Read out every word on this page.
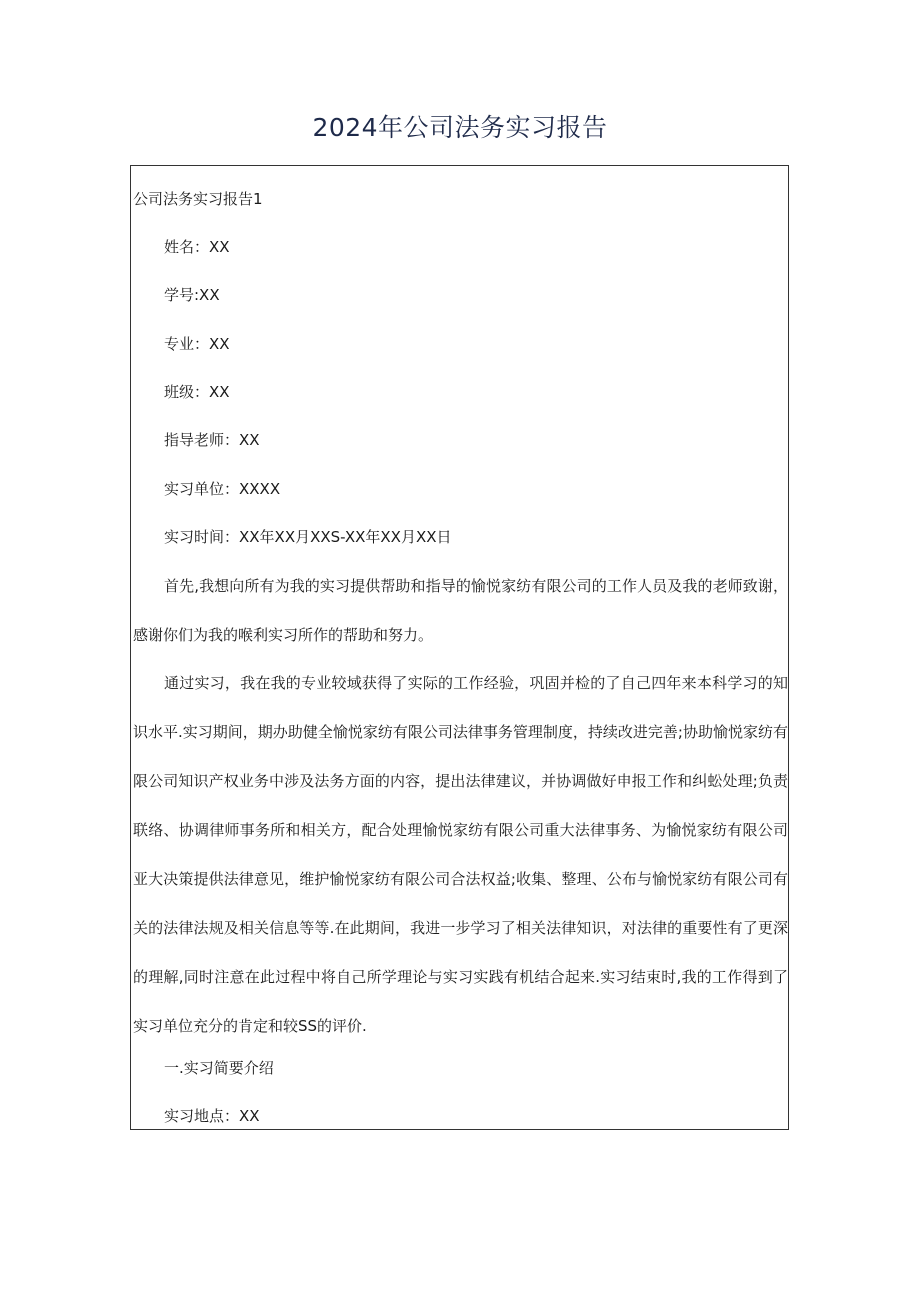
2024年公司法务实习报告
公司法务实习报告1
姓名：XX
学号:XX
专业：XX
班级：XX
指导老师：XX
实习单位：XXXX
实习时间：XX年XX月XXS-XX年XX月XX日
首先,我想向所有为我的实习提供帮助和指导的愉悦家纺有限公司的工作人员及我的老师致谢，感谢你们为我的喉利实习所作的帮助和努力。
通过实习，我在我的专业较域获得了实际的工作经验，巩固并检的了自己四年来本科学习的知识水平.实习期间，期办助健全愉悦家纺有限公司法律事务管理制度，持续改进完善;协助愉悦家纺有限公司知识产权业务中涉及法务方面的内容，提出法律建议，并协调做好申报工作和纠蚣处理;负责联络、协调律师事务所和相关方，配合处理愉悦家纺有限公司重大法律事务、为愉悦家纺有限公司亚大决策提供法律意见，维护愉悦家纺有限公司合法权益;收集、整理、公布与愉悦家纺有限公司有关的法律法规及相关信息等等.在此期间，我进一步学习了相关法律知识，对法律的重要性有了更深的理解,同时注意在此过程中将自己所学理论与实习实践有机结合起来.实习结束时,我的工作得到了实习单位充分的肯定和较SS的评价.
一.实习简要介绍
实习地点：XX
